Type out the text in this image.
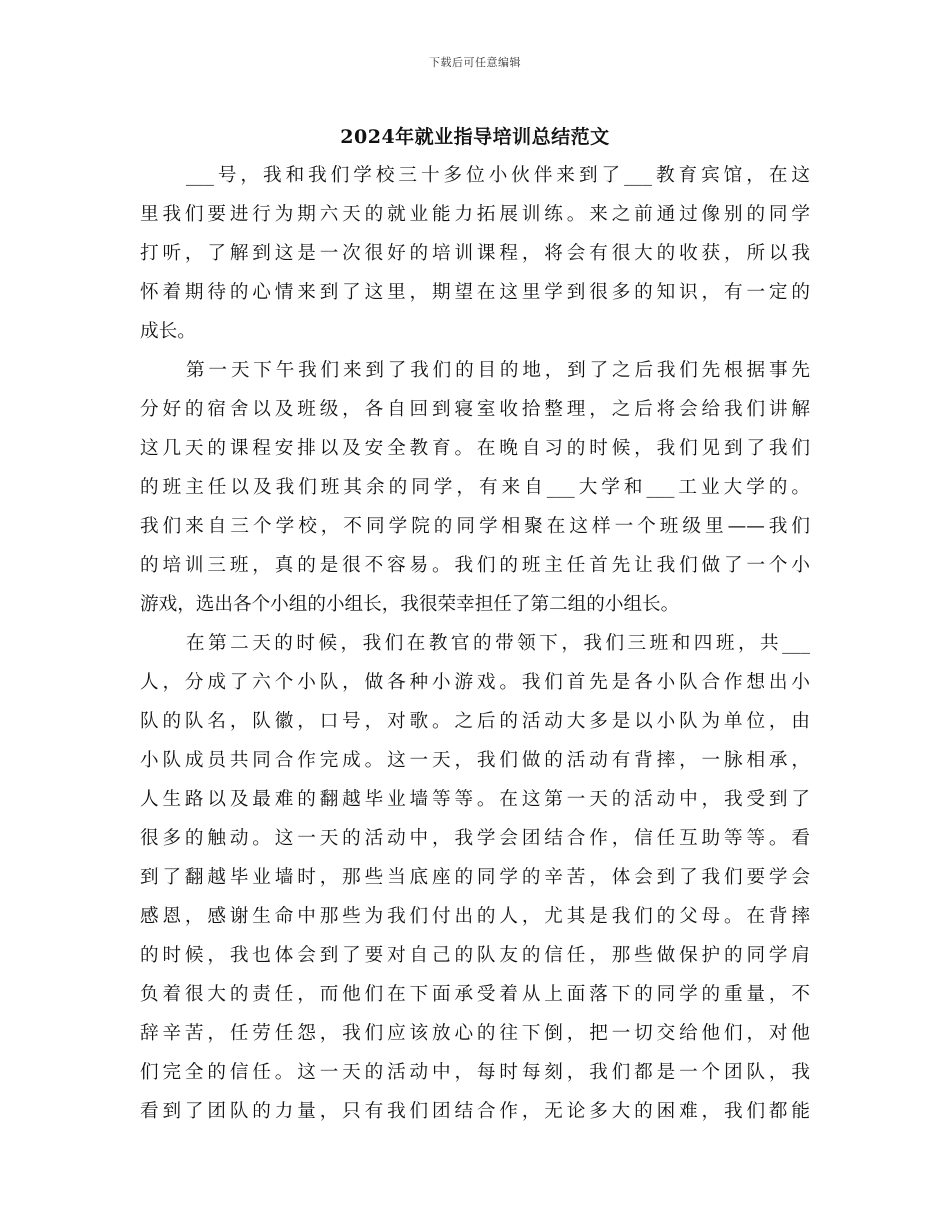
下载后可任意编辑
2024年就业指导培训总结范文
___号，我和我们学校三十多位小伙伴来到了___教育宾馆，在这
里我们要进行为期六天的就业能力拓展训练。来之前通过像别的同学
打听，了解到这是一次很好的培训课程，将会有很大的收获，所以我
怀着期待的心情来到了这里，期望在这里学到很多的知识，有一定的
成长。
第一天下午我们来到了我们的目的地，到了之后我们先根据事先
分好的宿舍以及班级，各自回到寝室收拾整理，之后将会给我们讲解
这几天的课程安排以及安全教育。在晚自习的时候，我们见到了我们
的班主任以及我们班其余的同学，有来自___大学和___工业大学的。
我们来自三个学校，不同学院的同学相聚在这样一个班级里——我们
的培训三班，真的是很不容易。我们的班主任首先让我们做了一个小
游戏，选出各个小组的小组长，我很荣幸担任了第二组的小组长。
在第二天的时候，我们在教官的带领下，我们三班和四班，共___
人，分成了六个小队，做各种小游戏。我们首先是各小队合作想出小
队的队名，队徽，口号，对歌。之后的活动大多是以小队为单位，由
小队成员共同合作完成。这一天，我们做的活动有背摔，一脉相承，
人生路以及最难的翻越毕业墙等等。在这第一天的活动中，我受到了
很多的触动。这一天的活动中，我学会团结合作，信任互助等等。看
到了翻越毕业墙时，那些当底座的同学的辛苦，体会到了我们要学会
感恩，感谢生命中那些为我们付出的人，尤其是我们的父母。在背摔
的时候，我也体会到了要对自己的队友的信任，那些做保护的同学肩
负着很大的责任，而他们在下面承受着从上面落下的同学的重量，不
辞辛苦，任劳任怨，我们应该放心的往下倒，把一切交给他们，对他
们完全的信任。这一天的活动中，每时每刻，我们都是一个团队，我
看到了团队的力量，只有我们团结合作，无论多大的困难，我们都能
